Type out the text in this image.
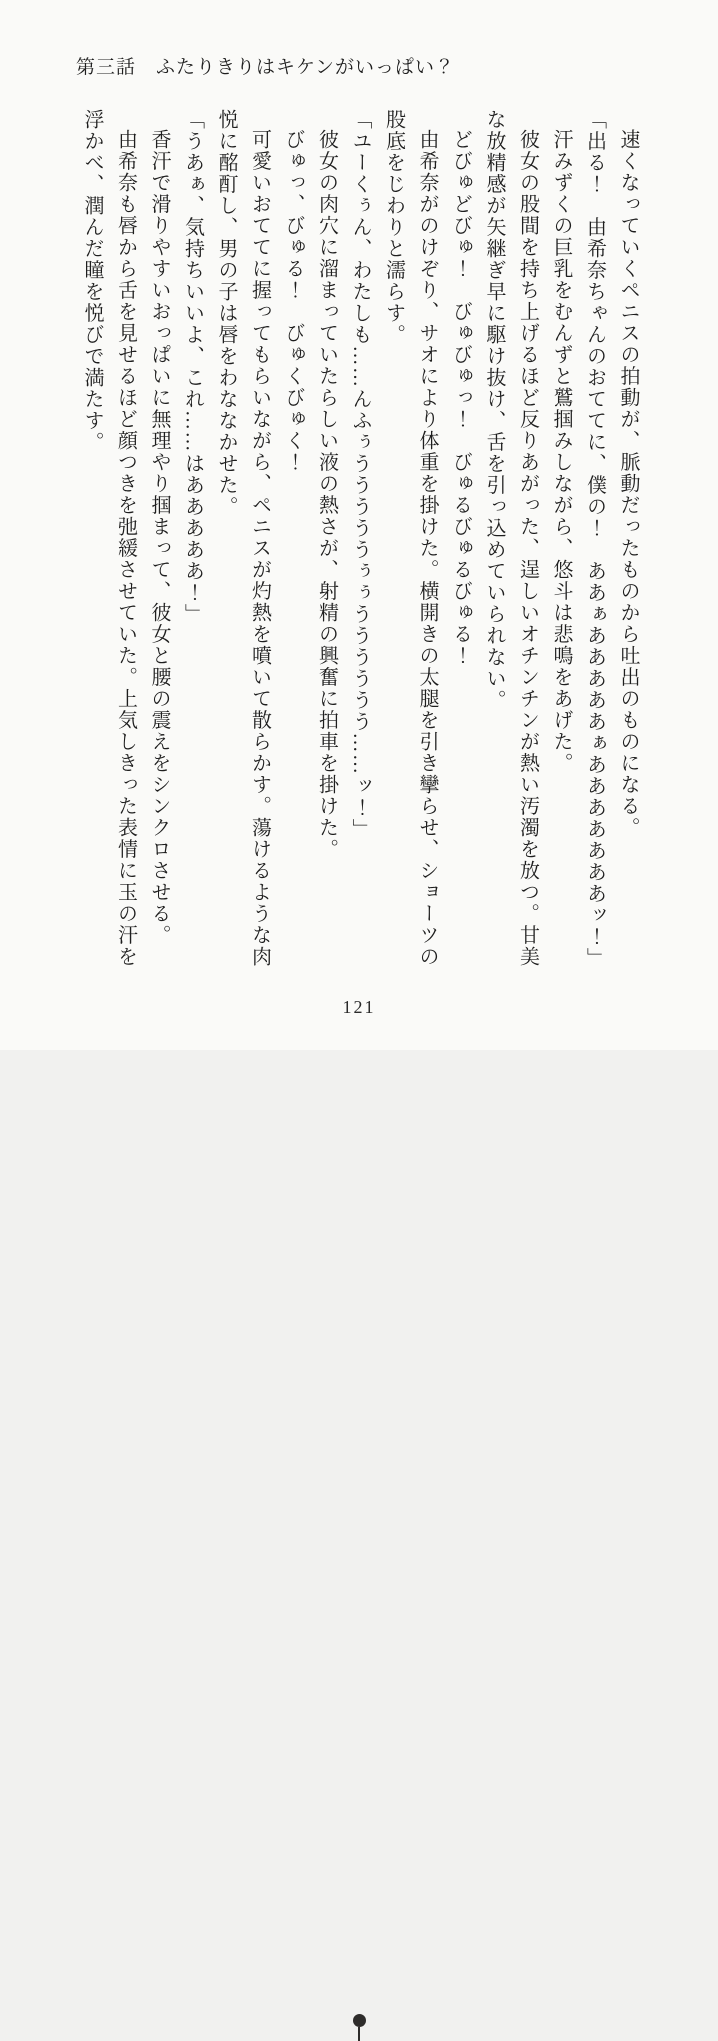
第三話　ふたりきりはキケンがいっぱい？
速くなっていくペニスの拍動が、脈動だったものから吐出のものになる。
「出る！　由希奈ちゃんのおててに、僕の！　ああぁあああああぁあああああああッ！」
汗みずくの巨乳をむんずと鷲掴みしながら、悠斗は悲鳴をあげた。
彼女の股間を持ち上げるほど反りあがった、逞しいオチンチンが熱い汚濁を放つ。甘美
な放精感が矢継ぎ早に駆け抜け、舌を引っ込めていられない。
どびゅどびゅ！　びゅびゅっ！　びゅるびゅるびゅる！
由希奈がのけぞり、サオにより体重を掛けた。横開きの太腿を引き攣らせ、ショーツの
股底をじわりと濡らす。
「ユーくぅん、わたしも……んふぅうううううぅぅうううううう……ッ！」
彼女の肉穴に溜まっていたらしい液の熱さが、射精の興奮に拍車を掛けた。
びゅっ、びゅる！　びゅくびゅく！
可愛いおててに握ってもらいながら、ペニスが灼熱を噴いて散らかす。蕩けるような肉
悦に酩酊し、男の子は唇をわななかせた。
「うあぁ、気持ちいいよ、これ……はあああああ！」
香汗で滑りやすいおっぱいに無理やり掴まって、彼女と腰の震えをシンクロさせる。
由希奈も唇から舌を見せるほど顔つきを弛緩させていた。上気しきった表情に玉の汗を
浮かべ、潤んだ瞳を悦びで満たす。
121
